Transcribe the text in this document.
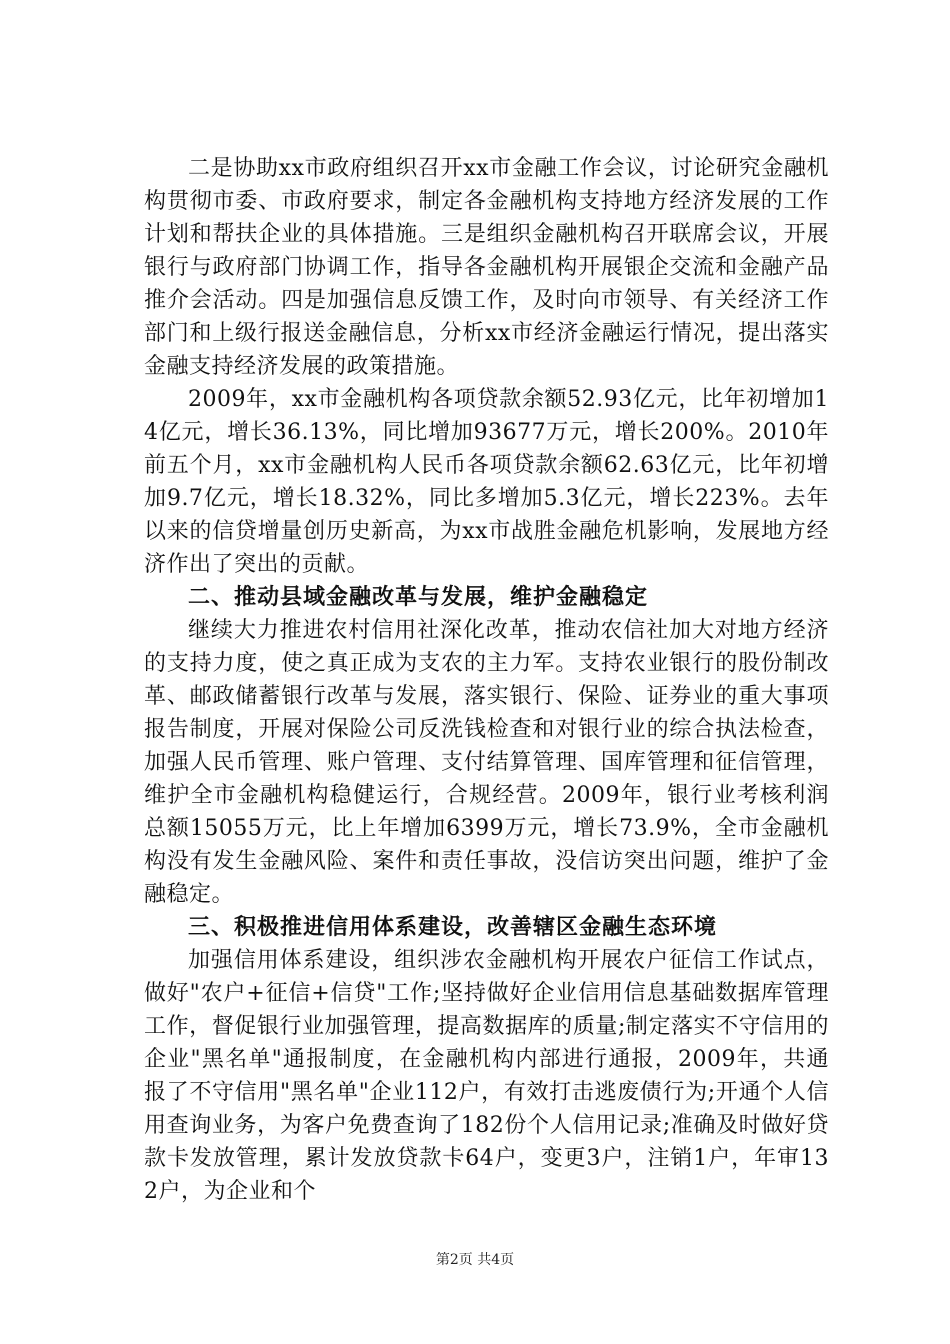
二是协助xx市政府组织召开xx市金融工作会议，讨论研究金融机构贯彻市委、市政府要求，制定各金融机构支持地方经济发展的工作计划和帮扶企业的具体措施。三是组织金融机构召开联席会议，开展银行与政府部门协调工作，指导各金融机构开展银企交流和金融产品推介会活动。四是加强信息反馈工作，及时向市领导、有关经济工作部门和上级行报送金融信息，分析xx市经济金融运行情况，提出落实金融支持经济发展的政策措施。

2009年，xx市金融机构各项贷款余额52.93亿元，比年初增加14亿元，增长36.13%，同比增加93677万元，增长200%。2010年前五个月，xx市金融机构人民币各项贷款余额62.63亿元，比年初增加9.7亿元，增长18.32%，同比多增加5.3亿元，增长223%。去年以来的信贷增量创历史新高，为xx市战胜金融危机影响，发展地方经济作出了突出的贡献。

二、推动县域金融改革与发展，维护金融稳定

继续大力推进农村信用社深化改革，推动农信社加大对地方经济的支持力度，使之真正成为支农的主力军。支持农业银行的股份制改革、邮政储蓄银行改革与发展，落实银行、保险、证券业的重大事项报告制度，开展对保险公司反洗钱检查和对银行业的综合执法检查，加强人民币管理、账户管理、支付结算管理、国库管理和征信管理，维护全市金融机构稳健运行，合规经营。2009年，银行业考核利润总额15055万元，比上年增加6399万元，增长73.9%，全市金融机构没有发生金融风险、案件和责任事故，没信访突出问题，维护了金融稳定。

三、积极推进信用体系建设，改善辖区金融生态环境

加强信用体系建设，组织涉农金融机构开展农户征信工作试点，做好"农户+征信+信贷"工作;坚持做好企业信用信息基础数据库管理工作，督促银行业加强管理，提高数据库的质量;制定落实不守信用的企业"黑名单"通报制度，在金融机构内部进行通报，2009年，共通报了不守信用"黑名单"企业112户，有效打击逃废债行为;开通个人信用查询业务，为客户免费查询了182份个人信用记录;准确及时做好贷款卡发放管理，累计发放贷款卡64户，变更3户，注销1户，年审132户，为企业和个

第2页 共4页
